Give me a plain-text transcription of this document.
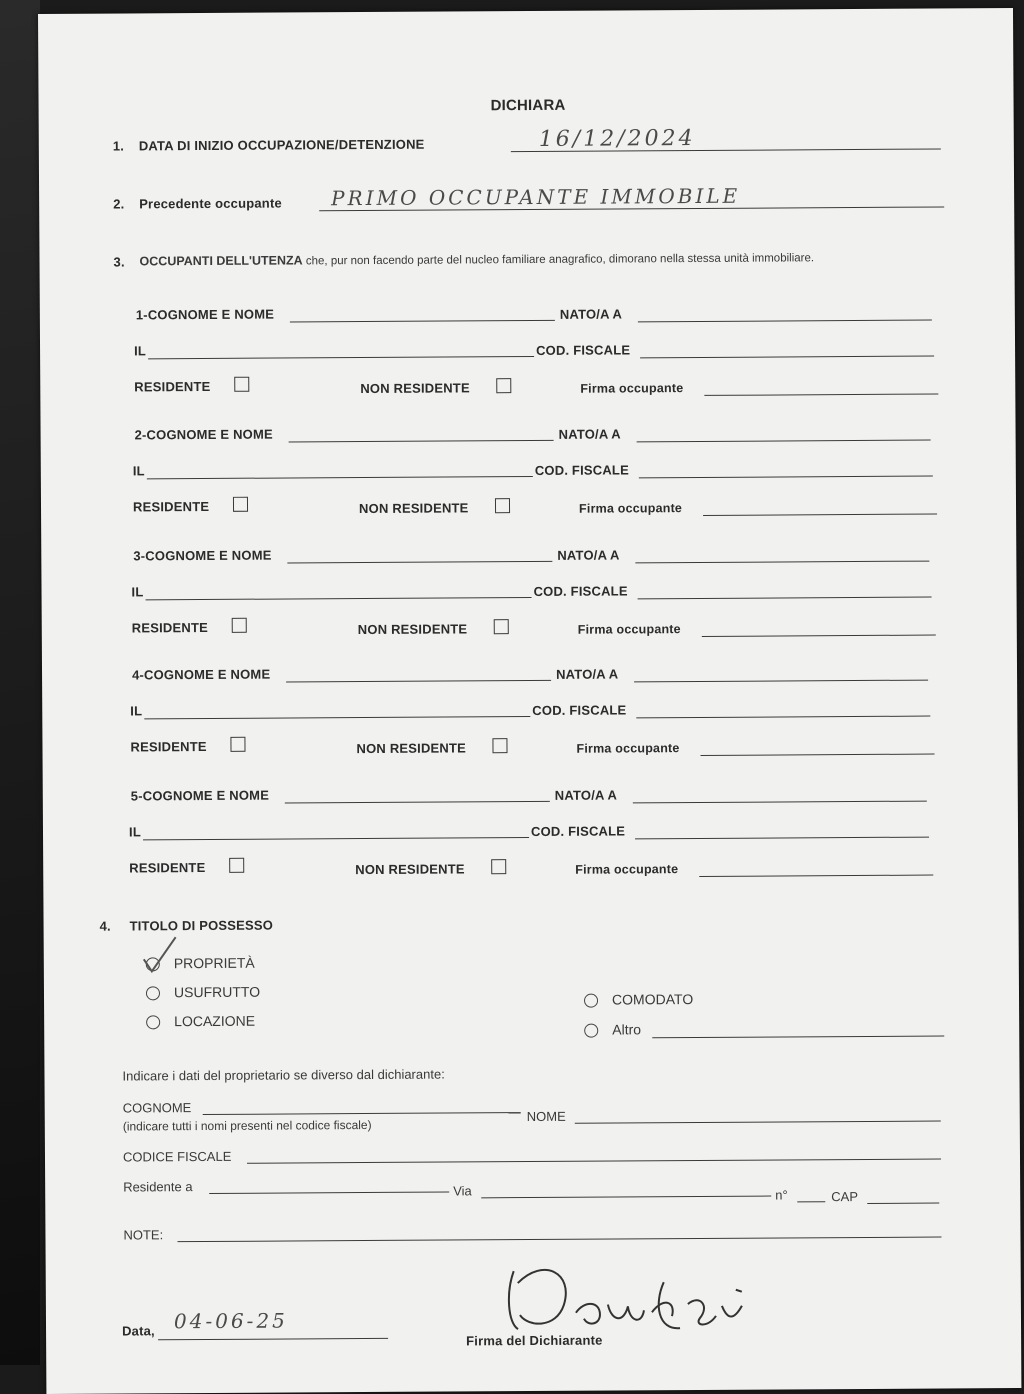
DICHIARA
1. DATA DI INIZIO OCCUPAZIONE/DETENZIONE	16/12/2024
2. Precedente occupante PRIMO OCCUPANTE IMMOBILE
3. OCCUPANTI DELL'UTENZA che, pur non facendo parte del nucleo familiare anagrafico, dimorano nella stessa unità immobiliare.
1-COGNOME E NOME	NATO/A A
IL	COD. FISCALE
RESIDENTE	NON RESIDENTE	Firma occupante
2-COGNOME E NOME	NATO/A A
IL	COD. FISCALE
RESIDENTE	NON RESIDENTE	Firma occupante
3-COGNOME E NOME	NATO/A A
IL	COD. FISCALE
RESIDENTE	NON RESIDENTE	Firma occupante
4-COGNOME E NOME	NATO/A A
IL	COD. FISCALE
RESIDENTE	NON RESIDENTE	Firma occupante
5-COGNOME E NOME	NATO/A A
IL	COD. FISCALE
RESIDENTE	NON RESIDENTE	Firma occupante
4. TITOLO DI POSSESSO
PROPRIETÀ
USUFRUTTO
LOCAZIONE
COMODATO
Altro
Indicare i dati del proprietario se diverso dal dichiarante:
COGNOME
NOME
(indicare tutti i nomi presenti nel codice fiscale)
CODICE FISCALE
Residente a	Via	n°	CAP
NOTE:
Data, 04-06-25
Firma del Dichiarante
